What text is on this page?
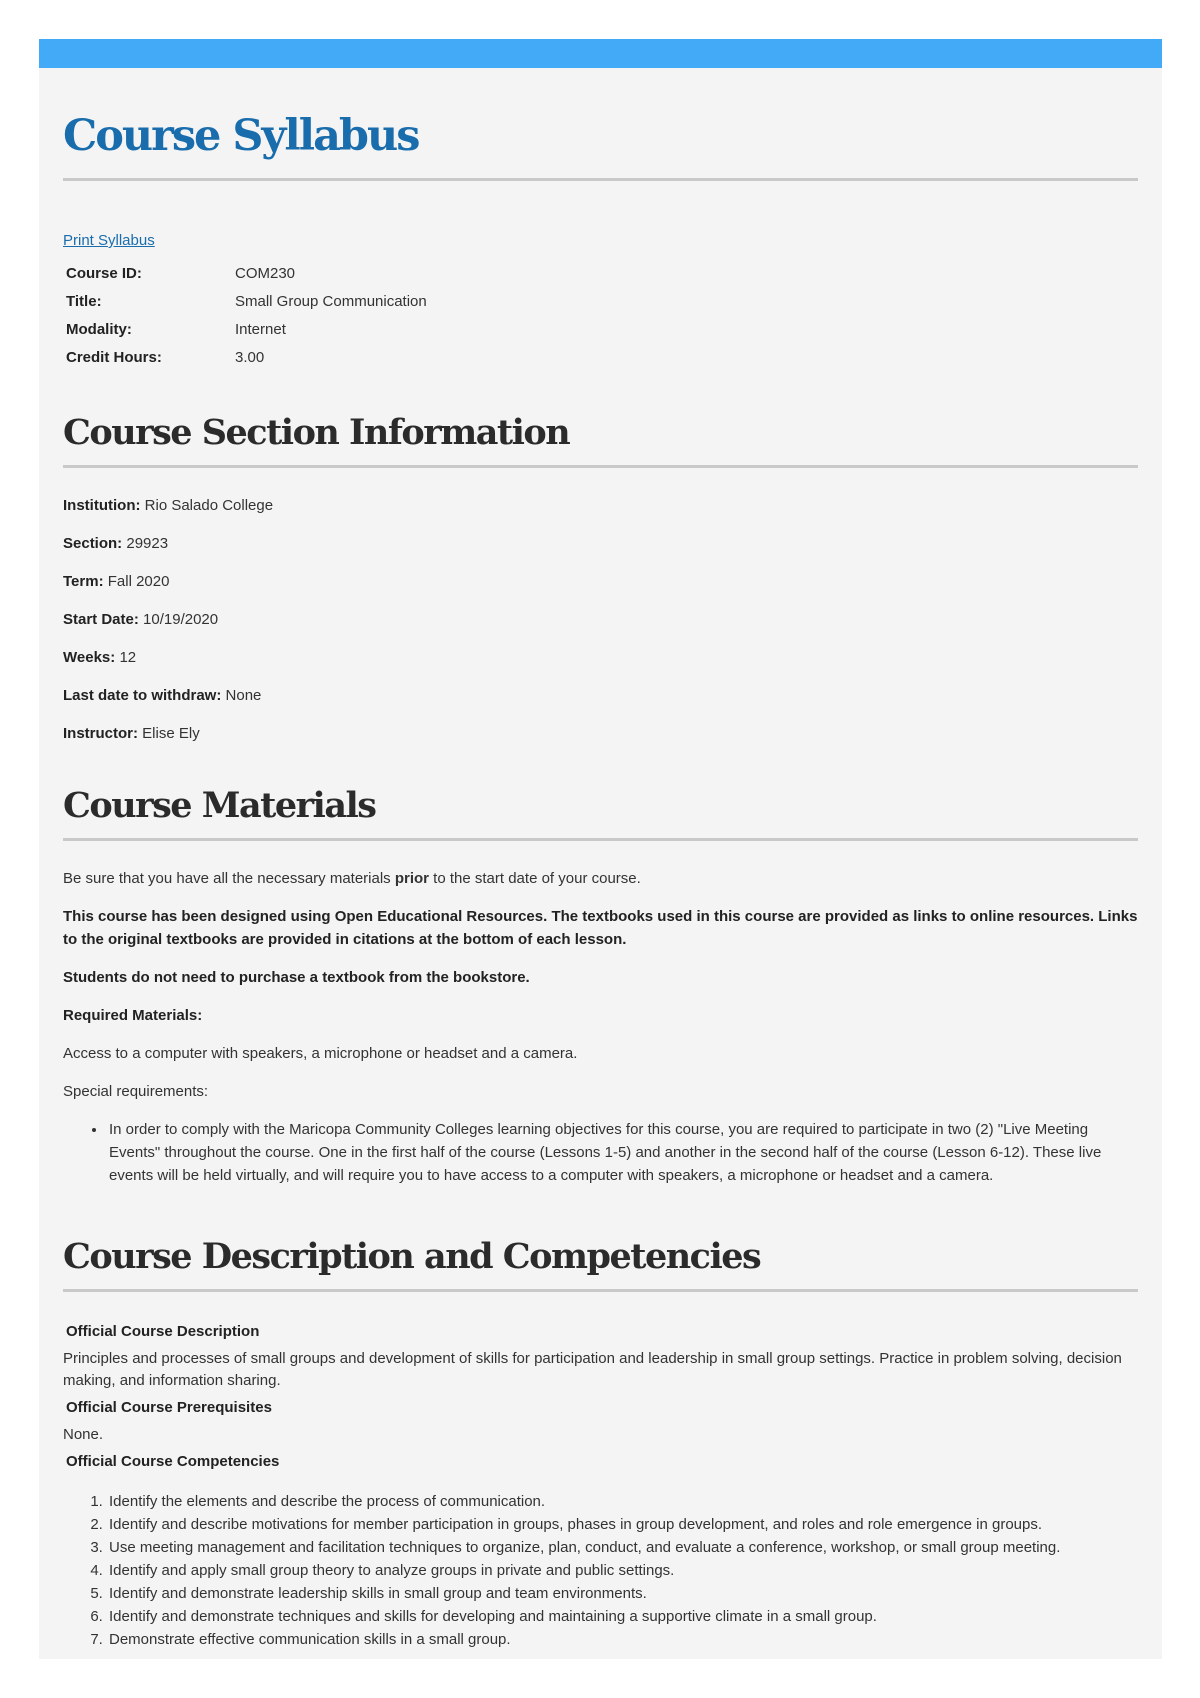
Course Syllabus
Print Syllabus
Course ID:	COM230
Title:	Small Group Communication
Modality:	Internet
Credit Hours:	3.00
Course Section Information
Institution: Rio Salado College
Section: 29923
Term: Fall 2020
Start Date: 10/19/2020
Weeks: 12
Last date to withdraw: None
Instructor: Elise Ely
Course Materials

Be sure that you have all the necessary materials prior to the start date of your course.

This course has been designed using Open Educational Resources. The textbooks used in this course are provided as links to online resources. Links to the original textbooks are provided in citations at the bottom of each lesson.

Students do not need to purchase a textbook from the bookstore.

Required Materials:

Access to a computer with speakers, a microphone or headset and a camera.

Special requirements:

• In order to comply with the Maricopa Community Colleges learning objectives for this course, you are required to participate in two (2) "Live Meeting Events" throughout the course. One in the first half of the course (Lessons 1-5) and another in the second half of the course (Lesson 6-12). These live events will be held virtually, and will require you to have access to a computer with speakers, a microphone or headset and a camera.
Course Description and Competencies
Official Course Description
Principles and processes of small groups and development of skills for participation and leadership in small group settings. Practice in problem solving, decision making, and information sharing.
Official Course Prerequisites
None.
Official Course Competencies
1. Identify the elements and describe the process of communication.
2. Identify and describe motivations for member participation in groups, phases in group development, and roles and role emergence in groups.
3. Use meeting management and facilitation techniques to organize, plan, conduct, and evaluate a conference, workshop, or small group meeting.
4. Identify and apply small group theory to analyze groups in private and public settings.
5. Identify and demonstrate leadership skills in small group and team environments.
6. Identify and demonstrate techniques and skills for developing and maintaining a supportive climate in a small group.
7. Demonstrate effective communication skills in a small group.
